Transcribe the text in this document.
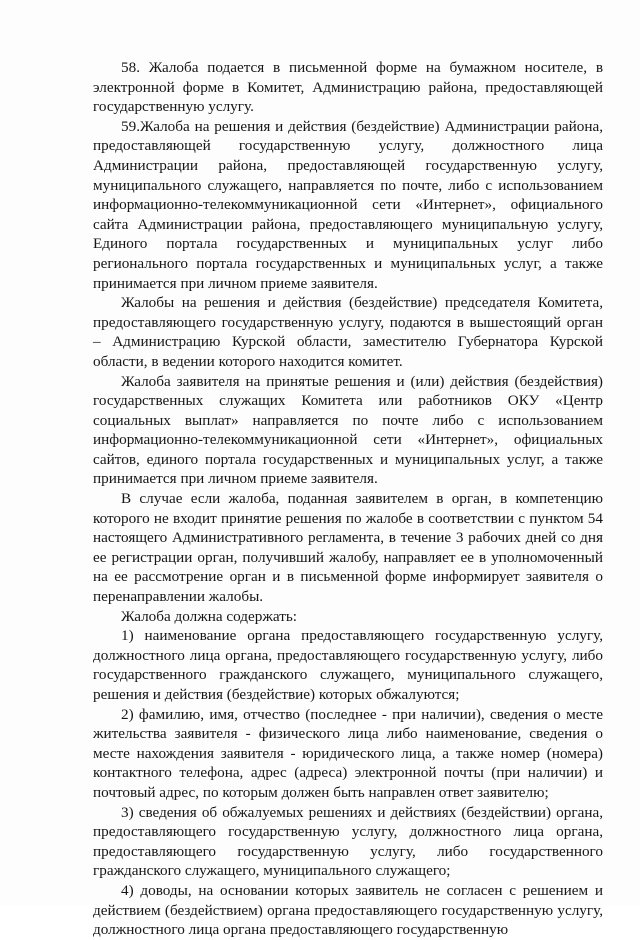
58. Жалоба подается в письменной форме на бумажном носителе, в электронной форме в Комитет, Администрацию района, предоставляющей государственную услугу.

59.Жалоба на решения и действия (бездействие) Администрации района, предоставляющей государственную услугу, должностного лица Администрации района, предоставляющей государственную услугу, муниципального служащего, направляется по почте, либо с использованием информационно-телекоммуникационной сети «Интернет», официального сайта Администрации района, предоставляющего муниципальную услугу, Единого портала государственных и муниципальных услуг либо регионального портала государственных и муниципальных услуг, а также принимается при личном приеме заявителя.

Жалобы на решения и действия (бездействие) председателя Комитета, предоставляющего государственную услугу, подаются в вышестоящий орган – Администрацию Курской области, заместителю Губернатора Курской области, в ведении которого находится комитет.

Жалоба заявителя на принятые решения и (или) действия (бездействия) государственных служащих Комитета или работников ОКУ «Центр социальных выплат» направляется по почте либо с использованием информационно-телекоммуникационной сети «Интернет», официальных сайтов, единого портала государственных и муниципальных услуг, а также принимается при личном приеме заявителя.

В случае если жалоба, поданная заявителем в орган, в компетенцию которого не входит принятие решения по жалобе в соответствии с пунктом 54 настоящего Административного регламента, в течение 3 рабочих дней со дня ее регистрации орган, получивший жалобу, направляет ее в уполномоченный на ее рассмотрение орган и в письменной форме информирует заявителя о перенаправлении жалобы.

Жалоба должна содержать:

1) наименование органа предоставляющего государственную услугу, должностного лица органа, предоставляющего государственную услугу, либо государственного гражданского служащего, муниципального служащего, решения и действия (бездействие) которых обжалуются;

2) фамилию, имя, отчество (последнее - при наличии), сведения о месте жительства заявителя - физического лица либо наименование, сведения о месте нахождения заявителя - юридического лица, а также номер (номера) контактного телефона, адрес (адреса) электронной почты (при наличии) и почтовый адрес, по которым должен быть направлен ответ заявителю;

3) сведения об обжалуемых решениях и действиях (бездействии) органа, предоставляющего государственную услугу, должностного лица органа, предоставляющего государственную услугу, либо государственного гражданского служащего, муниципального служащего;

4) доводы, на основании которых заявитель не согласен с решением и действием (бездействием) органа предоставляющего государственную услугу, должностного лица органа предоставляющего государственную
